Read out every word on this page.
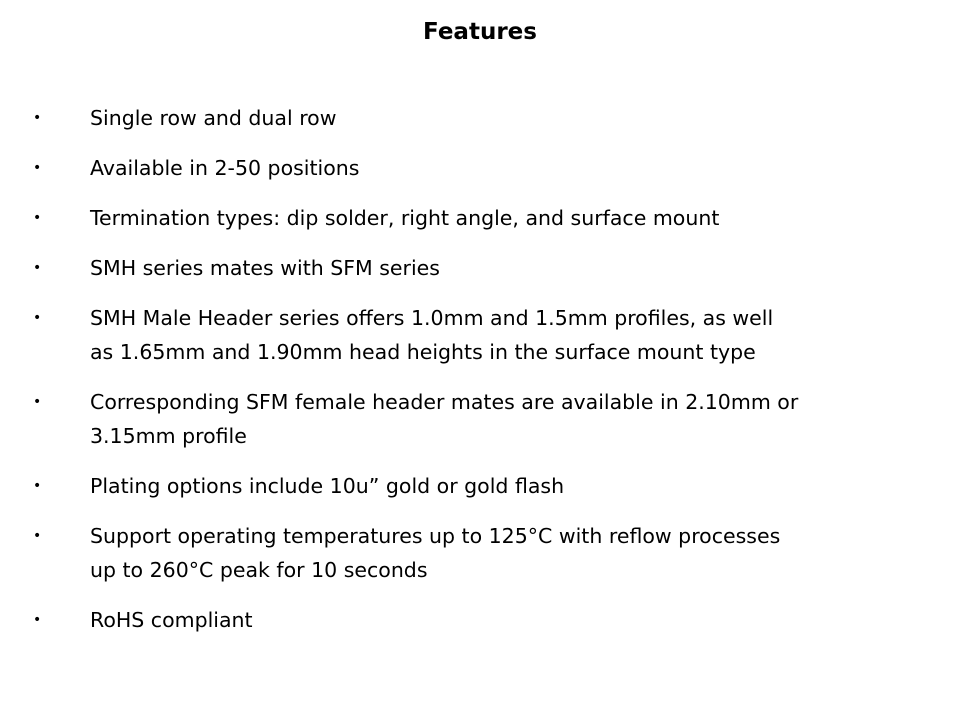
Features
• Single row and dual row
• Available in 2-50 positions
• Termination types: dip solder, right angle, and surface mount
• SMH series mates with SFM series
• SMH Male Header series offers 1.0mm and 1.5mm profiles, as well
as 1.65mm and 1.90mm head heights in the surface mount type
• Corresponding SFM female header mates are available in 2.10mm or
3.15mm profile
• Plating options include 10u” gold or gold flash
• Support operating temperatures up to 125°C with reflow processes
up to 260°C peak for 10 seconds
• RoHS compliant
